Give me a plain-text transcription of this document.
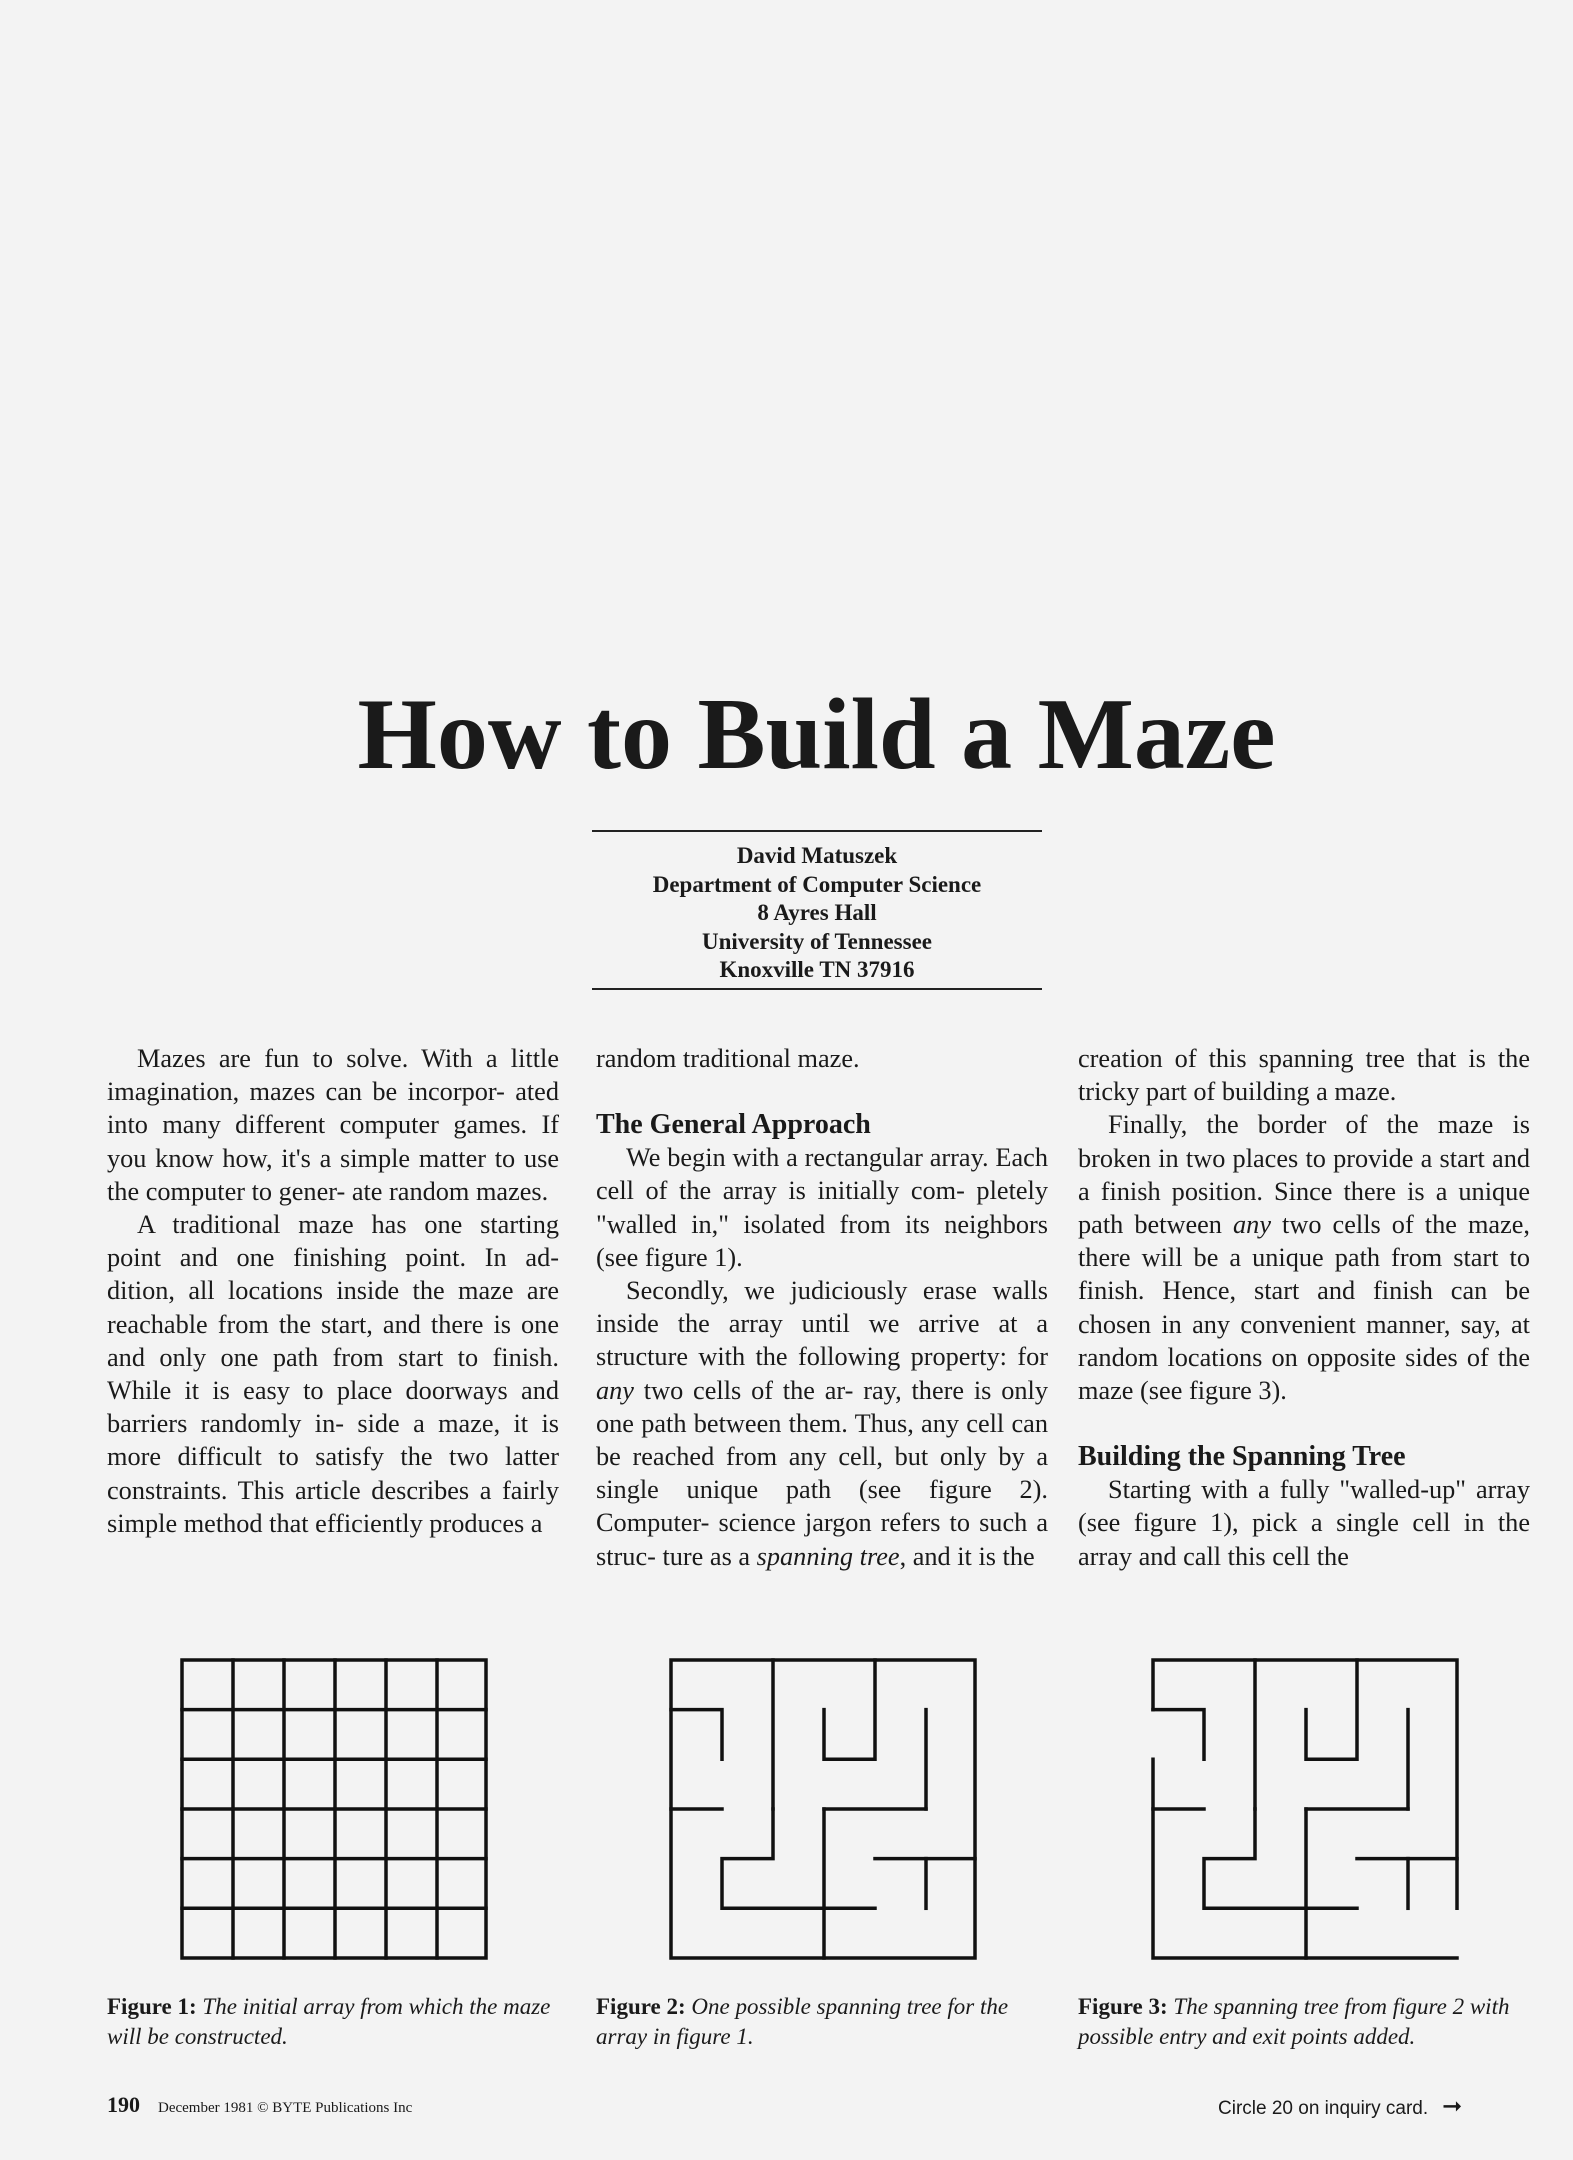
How to Build a Maze
David Matuszek
Department of Computer Science
8 Ayres Hall
University of Tennessee
Knoxville TN 37916

Mazes are fun to solve. With a little imagination, mazes can be incorpor- ated into many different computer games. If you know how, it's a simple matter to use the computer to gener- ate random mazes.

A traditional maze has one starting point and one finishing point. In ad- dition, all locations inside the maze are reachable from the start, and there is one and only one path from start to finish. While it is easy to place doorways and barriers randomly in- side a maze, it is more difficult to satisfy the two latter constraints. This article describes a fairly simple method that efficiently produces a

random traditional maze.

The General Approach

We begin with a rectangular array. Each cell of the array is initially com- pletely "walled in," isolated from its neighbors (see figure 1).

Secondly, we judiciously erase walls inside the array until we arrive at a structure with the following property: for any two cells of the ar- ray, there is only one path between them. Thus, any cell can be reached from any cell, but only by a single unique path (see figure 2). Computer- science jargon refers to such a struc- ture as a spanning tree, and it is the

creation of this spanning tree that is the tricky part of building a maze.

Finally, the border of the maze is broken in two places to provide a start and a finish position. Since there is a unique path between any two cells of the maze, there will be a unique path from start to finish. Hence, start and finish can be chosen in any convenient manner, say, at random locations on opposite sides of the maze (see figure 3).

Building the Spanning Tree

Starting with a fully "walled-up" array (see figure 1), pick a single cell in the array and call this cell the

Figure 1: The initial array from which the maze will be constructed.
Figure 2: One possible spanning tree for the array in figure 1.
Figure 3: The spanning tree from figure 2 with possible entry and exit points added.
190 December 1981 © BYTE Publications Inc	Circle 20 on inquiry card. ➞
